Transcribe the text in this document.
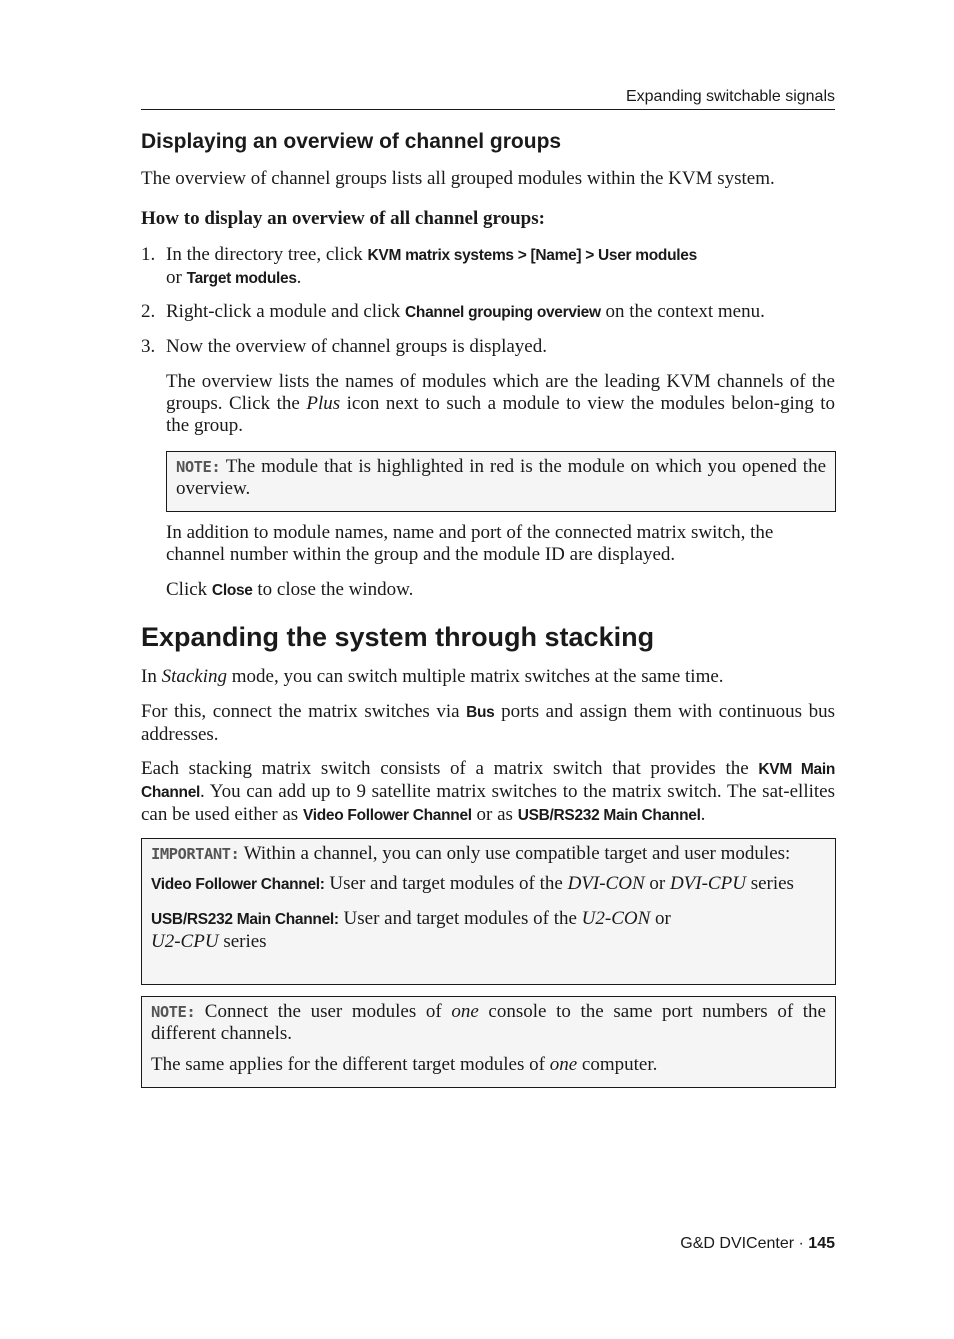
Expanding switchable signals
Displaying an overview of channel groups

The overview of channel groups lists all grouped modules within the KVM system.

How to display an overview of all channel groups:

1. In the directory tree, click KVM matrix systems > [Name] > User modules
or Target modules.

2. Right-click a module and click Channel grouping overview on the context menu.

3. Now the overview of channel groups is displayed.

The overview lists the names of modules which are the leading KVM channels of the groups. Click the Plus icon next to such a module to view the modules belon-ging to the group.

NOTE: The module that is highlighted in red is the module on which you opened the overview.

In addition to module names, name and port of the connected matrix switch, the channel number within the group and the module ID are displayed.

Click Close to close the window.

Expanding the system through stacking

In Stacking mode, you can switch multiple matrix switches at the same time.

For this, connect the matrix switches via Bus ports and assign them with continuous bus addresses.

Each stacking matrix switch consists of a matrix switch that provides the KVM Main Channel. You can add up to 9 satellite matrix switches to the matrix switch. The sat-ellites can be used either as Video Follower Channel or as USB/RS232 Main Channel.

IMPORTANT: Within a channel, you can only use compatible target and user modules:

Video Follower Channel: User and target modules of the DVI-CON or DVI-CPU series

USB/RS232 Main Channel: User and target modules of the U2-CON or
U2-CPU series

NOTE: Connect the user modules of one console to the same port numbers of the different channels.

The same applies for the different target modules of one computer.

G&D DVICenter · 145
